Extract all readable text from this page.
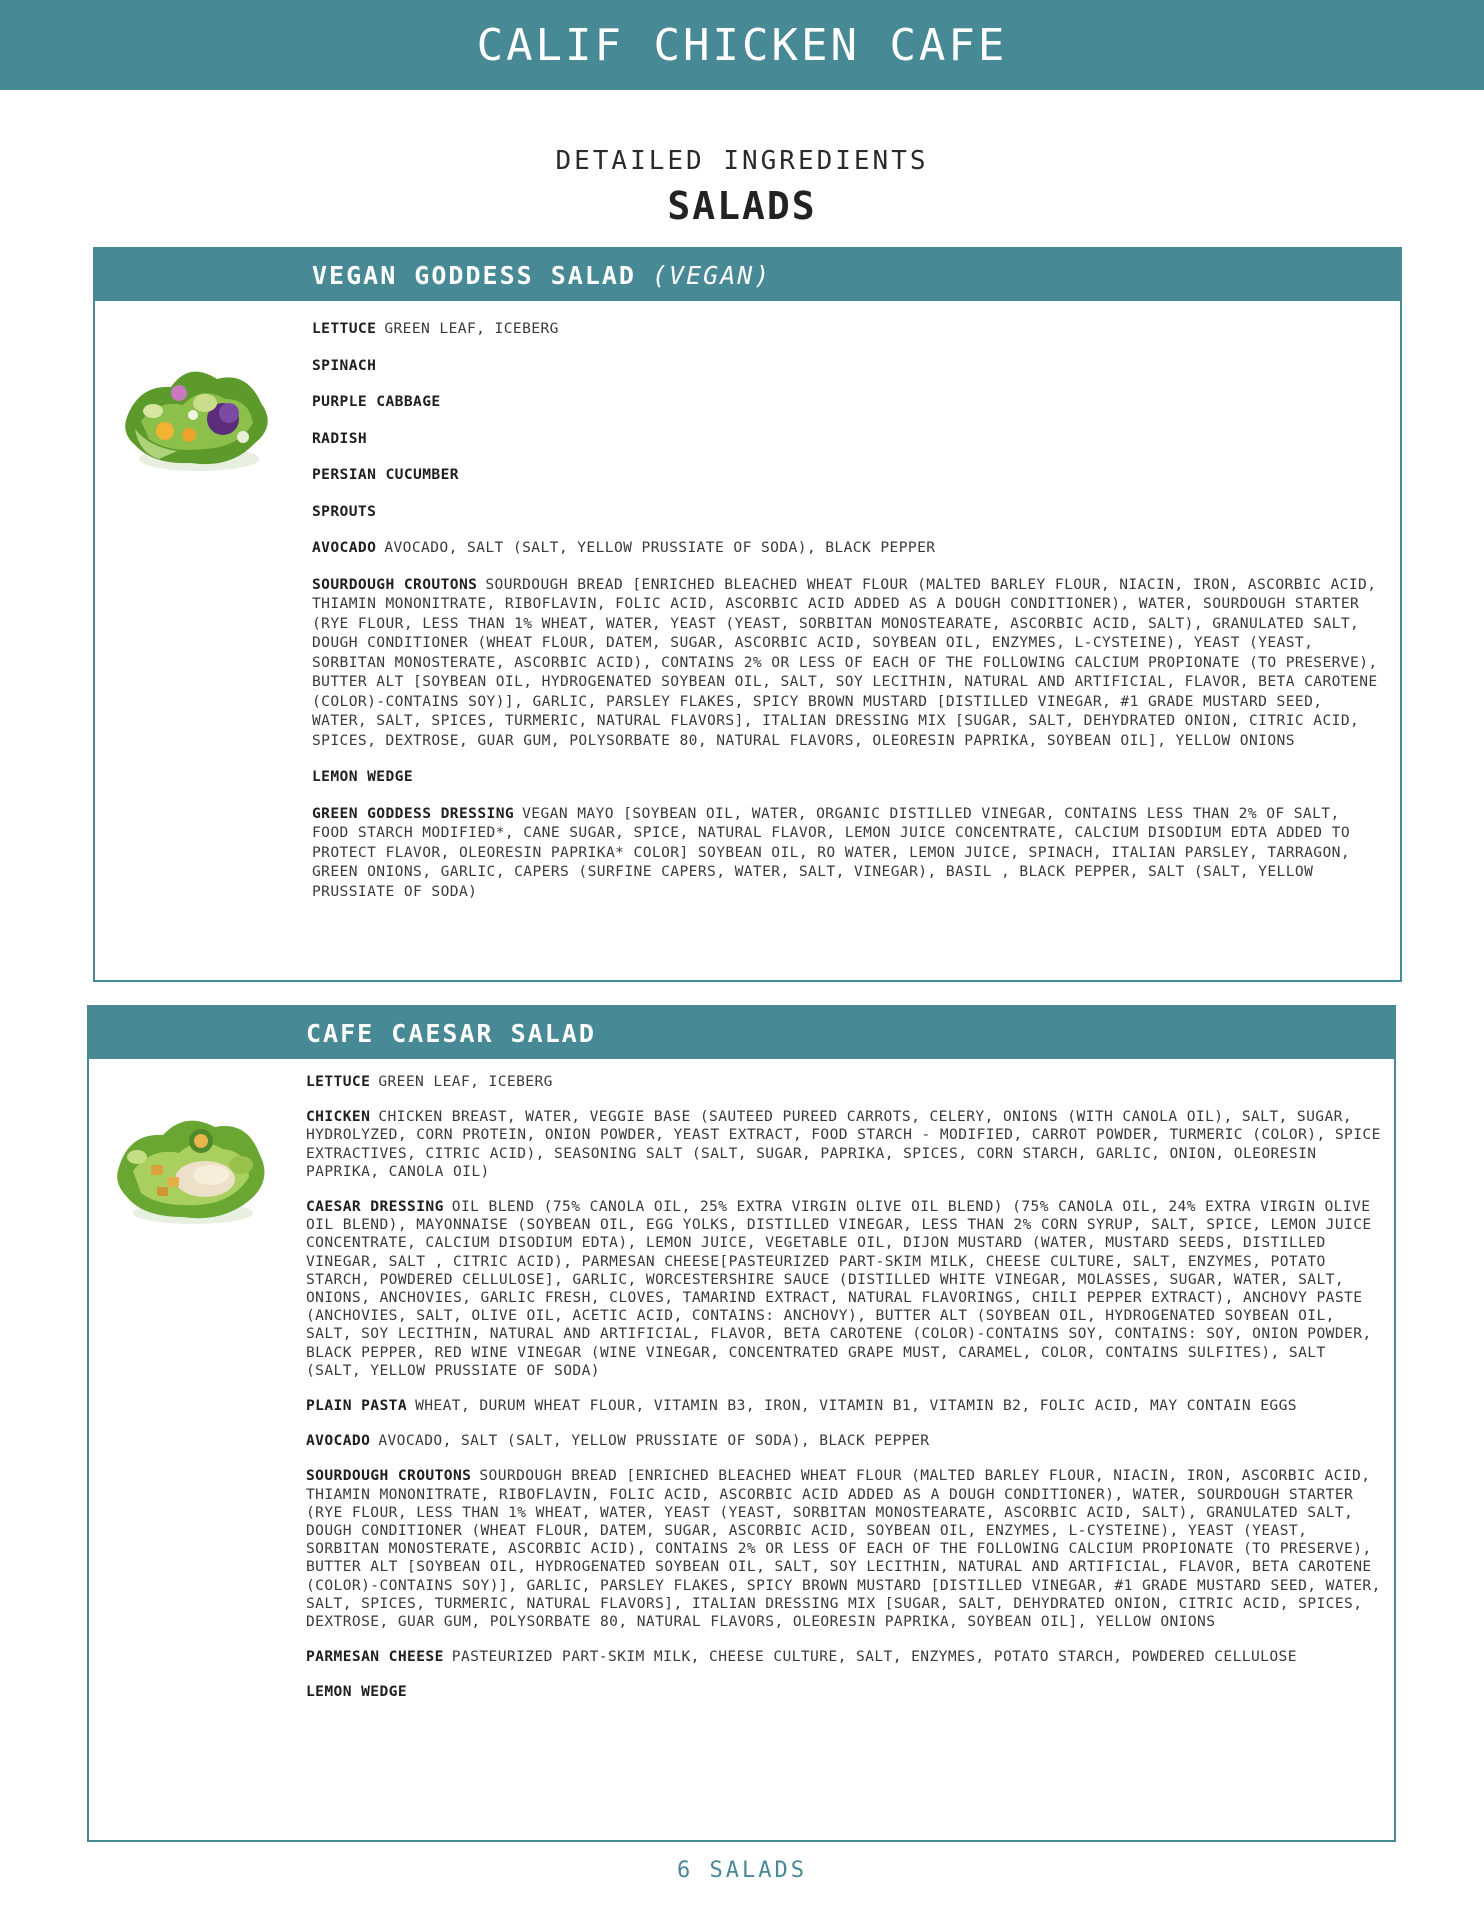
CALIF CHICKEN CAFE
DETAILED INGREDIENTS
SALADS
VEGAN GODDESS SALAD (VEGAN)

LETTUCE GREEN LEAF, ICEBERG

SPINACH

PURPLE CABBAGE

RADISH

PERSIAN CUCUMBER

SPROUTS

AVOCADO AVOCADO, SALT (SALT, YELLOW PRUSSIATE OF SODA), BLACK PEPPER

SOURDOUGH CROUTONS SOURDOUGH BREAD [ENRICHED BLEACHED WHEAT FLOUR (MALTED BARLEY FLOUR, NIACIN, IRON, ASCORBIC ACID, THIAMIN MONONITRATE, RIBOFLAVIN, FOLIC ACID, ASCORBIC ACID ADDED AS A DOUGH CONDITIONER), WATER, SOURDOUGH STARTER (RYE FLOUR, LESS THAN 1% WHEAT, WATER, YEAST (YEAST, SORBITAN MONOSTEARATE, ASCORBIC ACID, SALT), GRANULATED SALT, DOUGH CONDITIONER (WHEAT FLOUR, DATEM, SUGAR, ASCORBIC ACID, SOYBEAN OIL, ENZYMES, L-CYSTEINE), YEAST (YEAST, SORBITAN MONOSTERATE, ASCORBIC ACID), CONTAINS 2% OR LESS OF EACH OF THE FOLLOWING CALCIUM PROPIONATE (TO PRESERVE), BUTTER ALT [SOYBEAN OIL, HYDROGENATED SOYBEAN OIL, SALT, SOY LECITHIN, NATURAL AND ARTIFICIAL, FLAVOR, BETA CAROTENE (COLOR)-CONTAINS SOY)], GARLIC, PARSLEY FLAKES, SPICY BROWN MUSTARD [DISTILLED VINEGAR, #1 GRADE MUSTARD SEED, WATER, SALT, SPICES, TURMERIC, NATURAL FLAVORS], ITALIAN DRESSING MIX [SUGAR, SALT, DEHYDRATED ONION, CITRIC ACID, SPICES, DEXTROSE, GUAR GUM, POLYSORBATE 80, NATURAL FLAVORS, OLEORESIN PAPRIKA, SOYBEAN OIL], YELLOW ONIONS

LEMON WEDGE

GREEN GODDESS DRESSING VEGAN MAYO [SOYBEAN OIL, WATER, ORGANIC DISTILLED VINEGAR, CONTAINS LESS THAN 2% OF SALT, FOOD STARCH MODIFIED*, CANE SUGAR, SPICE, NATURAL FLAVOR, LEMON JUICE CONCENTRATE, CALCIUM DISODIUM EDTA ADDED TO PROTECT FLAVOR, OLEORESIN PAPRIKA* COLOR] SOYBEAN OIL, RO WATER, LEMON JUICE, SPINACH, ITALIAN PARSLEY, TARRAGON, GREEN ONIONS, GARLIC, CAPERS (SURFINE CAPERS, WATER, SALT, VINEGAR), BASIL , BLACK PEPPER, SALT (SALT, YELLOW PRUSSIATE OF SODA)

CAFE CAESAR SALAD

LETTUCE GREEN LEAF, ICEBERG

CHICKEN CHICKEN BREAST, WATER, VEGGIE BASE (SAUTEED PUREED CARROTS, CELERY, ONIONS (WITH CANOLA OIL), SALT, SUGAR, HYDROLYZED, CORN PROTEIN, ONION POWDER, YEAST EXTRACT, FOOD STARCH - MODIFIED, CARROT POWDER, TURMERIC (COLOR), SPICE EXTRACTIVES, CITRIC ACID), SEASONING SALT (SALT, SUGAR, PAPRIKA, SPICES, CORN STARCH, GARLIC, ONION, OLEORESIN PAPRIKA, CANOLA OIL)

CAESAR DRESSING OIL BLEND (75% CANOLA OIL, 25% EXTRA VIRGIN OLIVE OIL BLEND) (75% CANOLA OIL, 24% EXTRA VIRGIN OLIVE OIL BLEND), MAYONNAISE (SOYBEAN OIL, EGG YOLKS, DISTILLED VINEGAR, LESS THAN 2% CORN SYRUP, SALT, SPICE, LEMON JUICE CONCENTRATE, CALCIUM DISODIUM EDTA), LEMON JUICE, VEGETABLE OIL, DIJON MUSTARD (WATER, MUSTARD SEEDS, DISTILLED VINEGAR, SALT , CITRIC ACID), PARMESAN CHEESE[PASTEURIZED PART-SKIM MILK, CHEESE CULTURE, SALT, ENZYMES, POTATO STARCH, POWDERED CELLULOSE], GARLIC, WORCESTERSHIRE SAUCE (DISTILLED WHITE VINEGAR, MOLASSES, SUGAR, WATER, SALT, ONIONS, ANCHOVIES, GARLIC FRESH, CLOVES, TAMARIND EXTRACT, NATURAL FLAVORINGS, CHILI PEPPER EXTRACT), ANCHOVY PASTE (ANCHOVIES, SALT, OLIVE OIL, ACETIC ACID, CONTAINS: ANCHOVY), BUTTER ALT (SOYBEAN OIL, HYDROGENATED SOYBEAN OIL, SALT, SOY LECITHIN, NATURAL AND ARTIFICIAL, FLAVOR, BETA CAROTENE (COLOR)-CONTAINS SOY, CONTAINS: SOY, ONION POWDER, BLACK PEPPER, RED WINE VINEGAR (WINE VINEGAR, CONCENTRATED GRAPE MUST, CARAMEL, COLOR, CONTAINS SULFITES), SALT (SALT, YELLOW PRUSSIATE OF SODA)

PLAIN PASTA WHEAT, DURUM WHEAT FLOUR, VITAMIN B3, IRON, VITAMIN B1, VITAMIN B2, FOLIC ACID, MAY CONTAIN EGGS

AVOCADO AVOCADO, SALT (SALT, YELLOW PRUSSIATE OF SODA), BLACK PEPPER

SOURDOUGH CROUTONS SOURDOUGH BREAD [ENRICHED BLEACHED WHEAT FLOUR (MALTED BARLEY FLOUR, NIACIN, IRON, ASCORBIC ACID, THIAMIN MONONITRATE, RIBOFLAVIN, FOLIC ACID, ASCORBIC ACID ADDED AS A DOUGH CONDITIONER), WATER, SOURDOUGH STARTER (RYE FLOUR, LESS THAN 1% WHEAT, WATER, YEAST (YEAST, SORBITAN MONOSTEARATE, ASCORBIC ACID, SALT), GRANULATED SALT, DOUGH CONDITIONER (WHEAT FLOUR, DATEM, SUGAR, ASCORBIC ACID, SOYBEAN OIL, ENZYMES, L-CYSTEINE), YEAST (YEAST, SORBITAN MONOSTERATE, ASCORBIC ACID), CONTAINS 2% OR LESS OF EACH OF THE FOLLOWING CALCIUM PROPIONATE (TO PRESERVE), BUTTER ALT [SOYBEAN OIL, HYDROGENATED SOYBEAN OIL, SALT, SOY LECITHIN, NATURAL AND ARTIFICIAL, FLAVOR, BETA CAROTENE (COLOR)-CONTAINS SOY)], GARLIC, PARSLEY FLAKES, SPICY BROWN MUSTARD [DISTILLED VINEGAR, #1 GRADE MUSTARD SEED, WATER, SALT, SPICES, TURMERIC, NATURAL FLAVORS], ITALIAN DRESSING MIX [SUGAR, SALT, DEHYDRATED ONION, CITRIC ACID, SPICES, DEXTROSE, GUAR GUM, POLYSORBATE 80, NATURAL FLAVORS, OLEORESIN PAPRIKA, SOYBEAN OIL], YELLOW ONIONS

PARMESAN CHEESE PASTEURIZED PART-SKIM MILK, CHEESE CULTURE, SALT, ENZYMES, POTATO STARCH, POWDERED CELLULOSE

LEMON WEDGE

6 SALADS
